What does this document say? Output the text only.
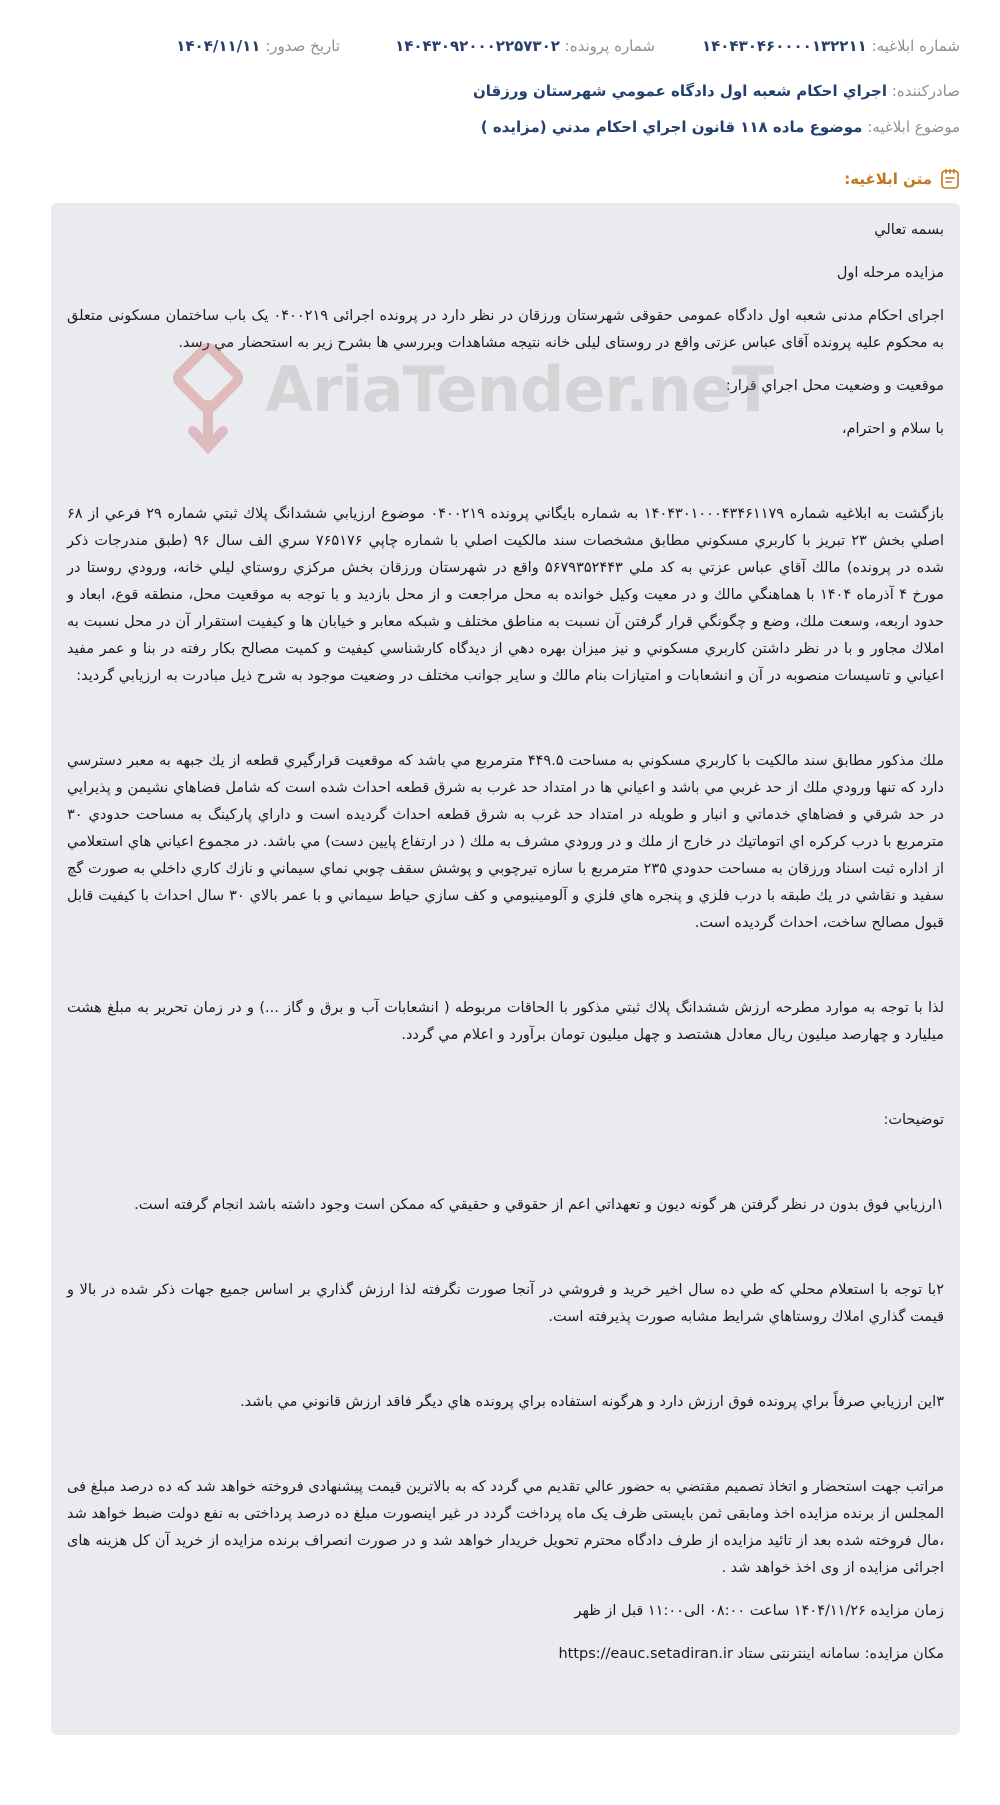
شماره ابلاغیه: ۱۴۰۴۳۰۴۶۰۰۰۰۱۳۲۲۱۱
شماره پرونده: ۱۴۰۴۳۰۹۲۰۰۰۲۲۵۷۳۰۲
تاریخ صدور: ۱۴۰۴/۱۱/۱۱
صادرکننده:

اجراي احكام شعبه اول دادگاه عمومي شهرستان ورزقان
موضوع ابلاغیه:

موضوع ماده ۱۱۸ قانون اجراي احكام مدني (مزايده )
متن ابلاغیه:

بسمه تعالي

مزايده مرحله اول

اجرای احکام مدنی شعبه اول دادگاه عمومی حقوقی شهرستان ورزقان در نظر دارد در پرونده اجرائی ۰۴۰۰۲۱۹ یک باب ساختمان مسکونی متعلق به محکوم علیه پرونده آقای عباس عزتی واقع در روستای لیلی خانه نتیجه مشاهدات وبررسي ها بشرح زير به استحضار مي رسد.

موقعيت و وضعيت محل اجراي قرار:

با سلام و احترام،

بازگشت به ابلاغيه شماره ۱۴۰۴۳۰۱۰۰۰۴۳۴۶۱۱۷۹ به شماره بايگاني پرونده ۰۴۰۰۲۱۹ موضوع ارزيابي ششدانگ پلاك ثبتي شماره ۲۹ فرعي از ۶۸ اصلي بخش ۲۳ تبريز با كاربري مسكوني مطابق مشخصات سند مالكيت اصلي با شماره چاپي ۷۶۵۱۷۶ سري الف سال ۹۶ (طبق مندرجات ذكر شده در پرونده) مالك آقاي عباس عزتي به كد ملي ۵۶۷۹۳۵۲۴۴۳ واقع در شهرستان ورزقان بخش مركزي روستاي ليلي خانه، ورودي روستا در مورخ ۴ آذرماه ۱۴۰۴ با هماهنگي مالك و در معيت وكيل خوانده به محل مراجعت و از محل بازديد و با توجه به موقعيت محل، منطقه قوع، ابعاد و حدود اربعه، وسعت ملك، وضع و چگونگي قرار گرفتن آن نسبت به مناطق مختلف و شبكه معابر و خيابان ها و كيفيت استقرار آن در محل نسبت به املاك مجاور و با در نظر داشتن كاربري مسكوني و نيز ميزان بهره دهي از ديدگاه كارشناسي كيفيت و كميت مصالح بكار رفته در بنا و عمر مفيد اعياني و تاسيسات منصوبه در آن و انشعابات و امتيازات بنام مالك و ساير جوانب مختلف در وضعيت موجود به شرح ذيل مبادرت به ارزيابي گرديد:

ملك مذكور مطابق سند مالكيت با كاربري مسكوني به مساحت ۴۴۹.۵ مترمربع مي باشد كه موقعيت قرارگيري قطعه از يك جبهه به معبر دسترسي دارد كه تنها ورودي ملك از حد غربي مي باشد و اعياني ها در امتداد حد غرب به شرق قطعه احداث شده است كه شامل فضاهاي نشيمن و پذيرايي در حد شرقي و فضاهاي خدماتي و انبار و طويله در امتداد حد غرب به شرق قطعه احداث گرديده است و داراي پاركينگ به مساحت حدودي ۳۰ مترمربع با درب كركره اي اتوماتيك در خارج از ملك و در ورودي مشرف به ملك ( در ارتفاع پايين دست) مي باشد. در مجموع اعياني هاي استعلامي از اداره ثبت اسناد ورزقان به مساحت حدودي ۲۳۵ مترمربع با سازه تيرچوبي و پوشش سقف چوبي نماي سيماني و نازك كاري داخلي به صورت گچ سفيد و نقاشي در يك طبقه با درب فلزي و پنجره هاي فلزي و آلومينيومي و كف سازي حياط سيماني و با عمر بالاي ۳۰ سال احداث با كيفيت قابل قبول مصالح ساخت، احداث گرديده است.

لذا با توجه به موارد مطرحه ارزش ششدانگ پلاك ثبتي مذكور با الحاقات مربوطه ( انشعابات آب و برق و گاز ...) و در زمان تحرير به مبلغ هشت ميليارد و چهارصد ميليون ريال معادل هشتصد و چهل ميليون تومان برآورد و اعلام مي گردد.

توضيحات:

۱ارزيابي فوق بدون در نظر گرفتن هر گونه ديون و تعهداتي اعم از حقوقي و حقيقي كه ممكن است وجود داشته باشد انجام گرفته است.

۲با توجه با استعلام محلي كه طي ده سال اخير خريد و فروشي در آنجا صورت نگرفته لذا ارزش گذاري بر اساس جميع جهات ذكر شده در بالا و قيمت گذاري املاك روستاهاي شرايط مشابه صورت پذيرفته است.

۳اين ارزيابي صرفاً براي پرونده فوق ارزش دارد و هرگونه استفاده براي پرونده هاي ديگر فاقد ارزش قانوني مي باشد.

مراتب جهت استحضار و اتخاذ تصميم مقتضي به حضور عالي تقديم مي گردد كه به بالاترین قیمت پیشنهادی فروخته خواهد شد که ده درصد مبلغ فی المجلس از برنده مزایده اخذ ومابقی ثمن بایستی ظرف یک ماه پرداخت گردد در غیر اینصورت مبلغ ده درصد پرداختی به نفع دولت ضبط خواهد شد ،مال فروخته شده بعد از تائید مزایده از طرف دادگاه محترم تحویل خریدار خواهد شد و در صورت انصراف برنده مزایده از خرید آن کل هزینه های اجرائی مزایده از وی اخذ خواهد شد .

زمان مزایده ۱۴۰۴/۱۱/۲۶ ساعت ۰۸:۰۰ الی۱۱:۰۰ قبل از ظهر

مکان مزایده: سامانه اینترنتی ستاد https://eauc.setadiran.ir

AriaTender.neT
